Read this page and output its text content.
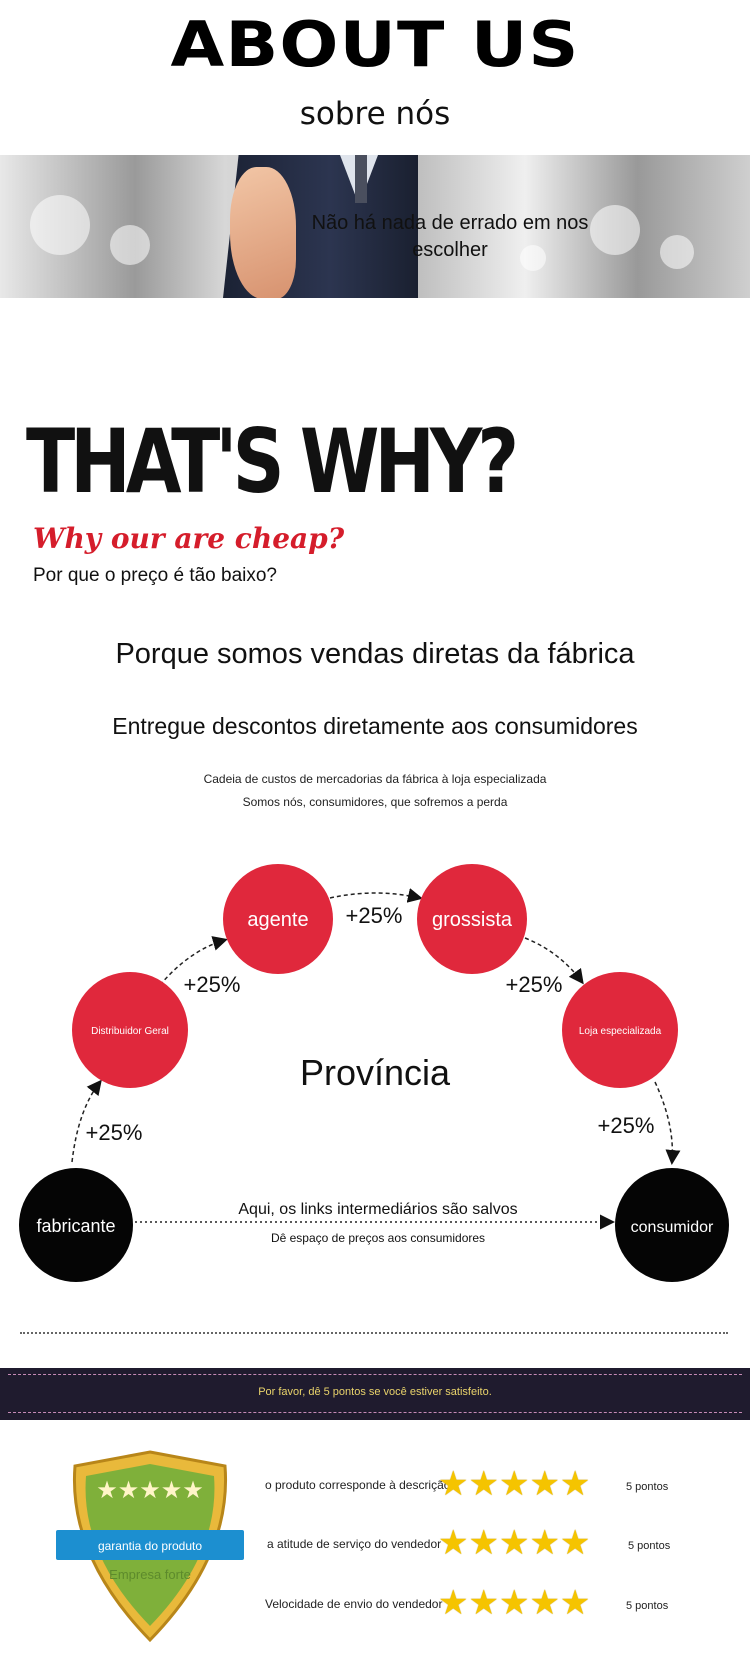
ABOUT US
sobre nós
Não há nada de errado em nos escolher
THAT'S WHY?
Why our are cheap?
Por que o preço é tão baixo?
Porque somos vendas diretas da fábrica
Entregue descontos diretamente aos consumidores
Cadeia de custos de mercadorias da fábrica à loja especializada
Somos nós, consumidores, que sofremos a perda
fabricante
Distribuidor Geral
agente	grossista
Loja especializada
consumidor
+25%
+25%
+25%
+25%
+25%
Província
Aqui, os links intermediários são salvos
Dê espaço de preços aos consumidores
Por favor, dê 5 pontos se você estiver satisfeito.
★★★★★
garantia do produto
Empresa forte
o produto corresponde à descrição
★★★★★	5 pontos
a atitude de serviço do vendedor
★★★★★	5 pontos
Velocidade de envio do vendedor
★★★★★	5 pontos
